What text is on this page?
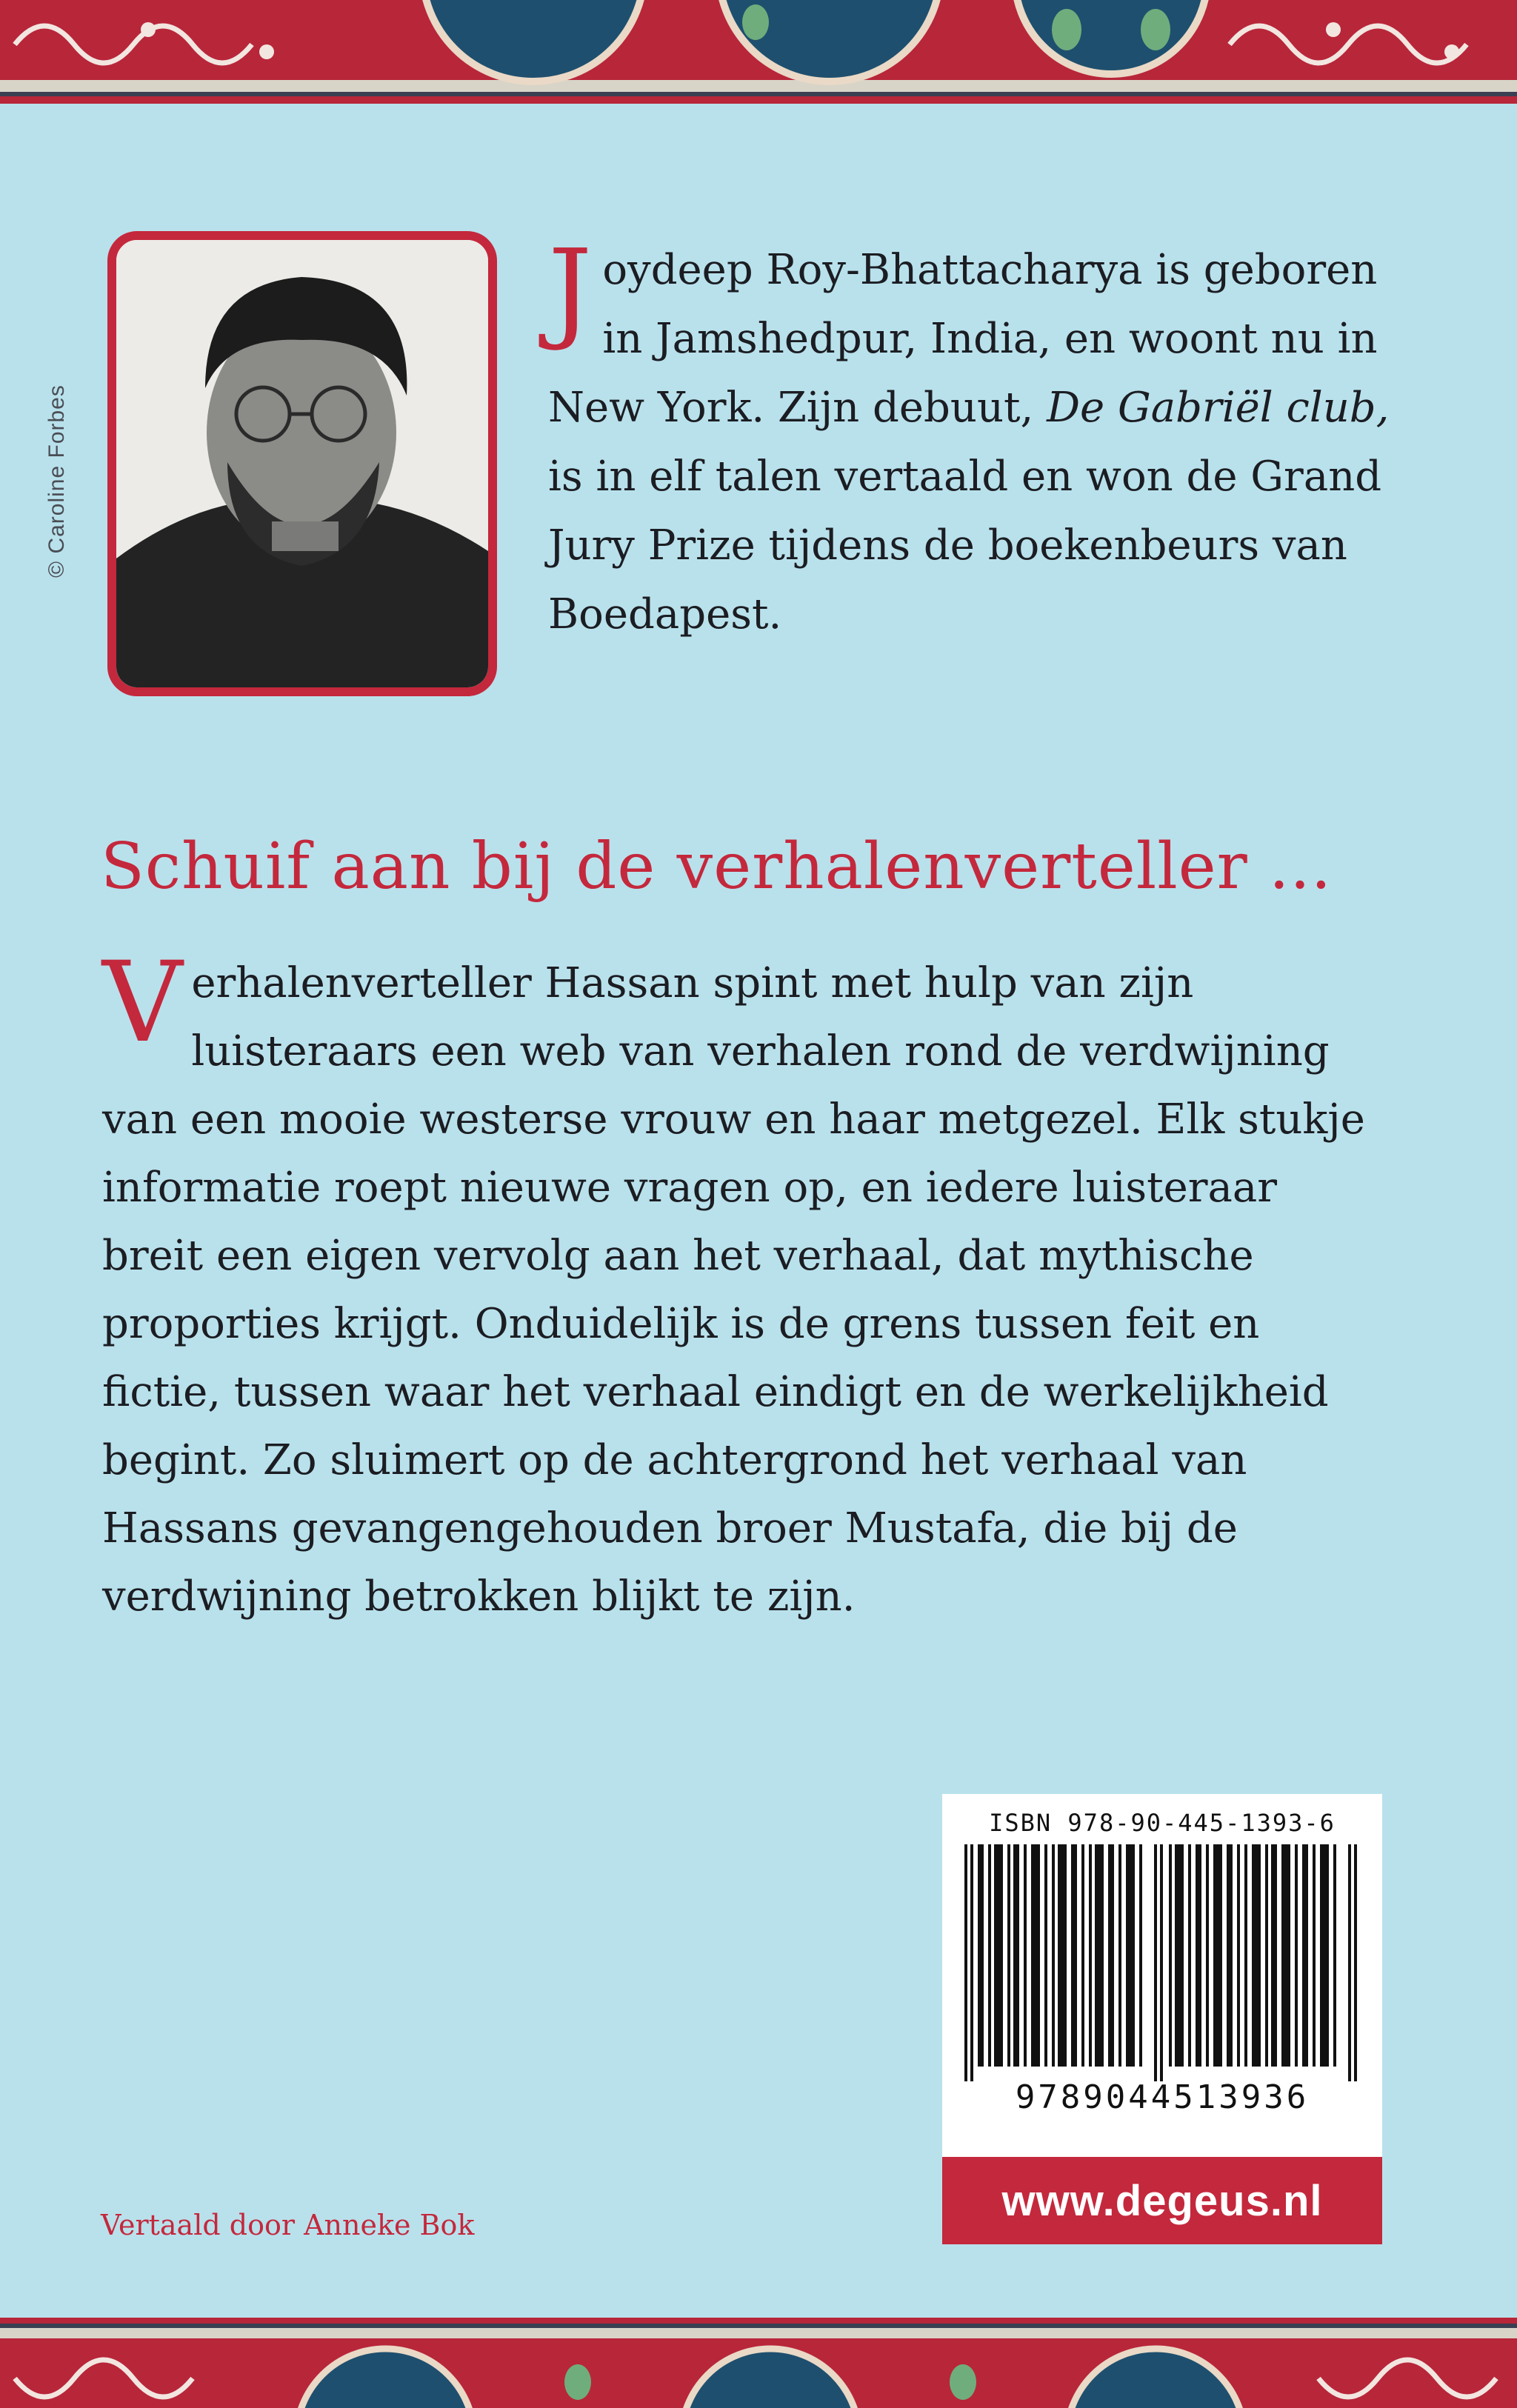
© Caroline Forbes

Joydeep Roy-Bhattacharya is geboren in Jamshedpur, India, en woont nu in New York. Zijn debuut, De Gabriël club, is in elf talen vertaald en won de Grand Jury Prize tijdens de boekenbeurs van Boedapest.

Schuif aan bij de verhalenverteller ...

Verhalenverteller Hassan spint met hulp van zijn luisteraars een web van verhalen rond de verdwijning van een mooie westerse vrouw en haar metgezel. Elk stukje informatie roept nieuwe vragen op, en iedere luisteraar breit een eigen vervolg aan het verhaal, dat mythische proporties krijgt. Onduidelijk is de grens tussen feit en fictie, tussen waar het verhaal eindigt en de werkelijkheid begint. Zo sluimert op de achtergrond het verhaal van Hassans gevangengehouden broer Mustafa, die bij de verdwijning betrokken blijkt te zijn.

Vertaald door Anneke Bok
ISBN 978-90-445-1393-6
9789044513936
www.degeus.nl
